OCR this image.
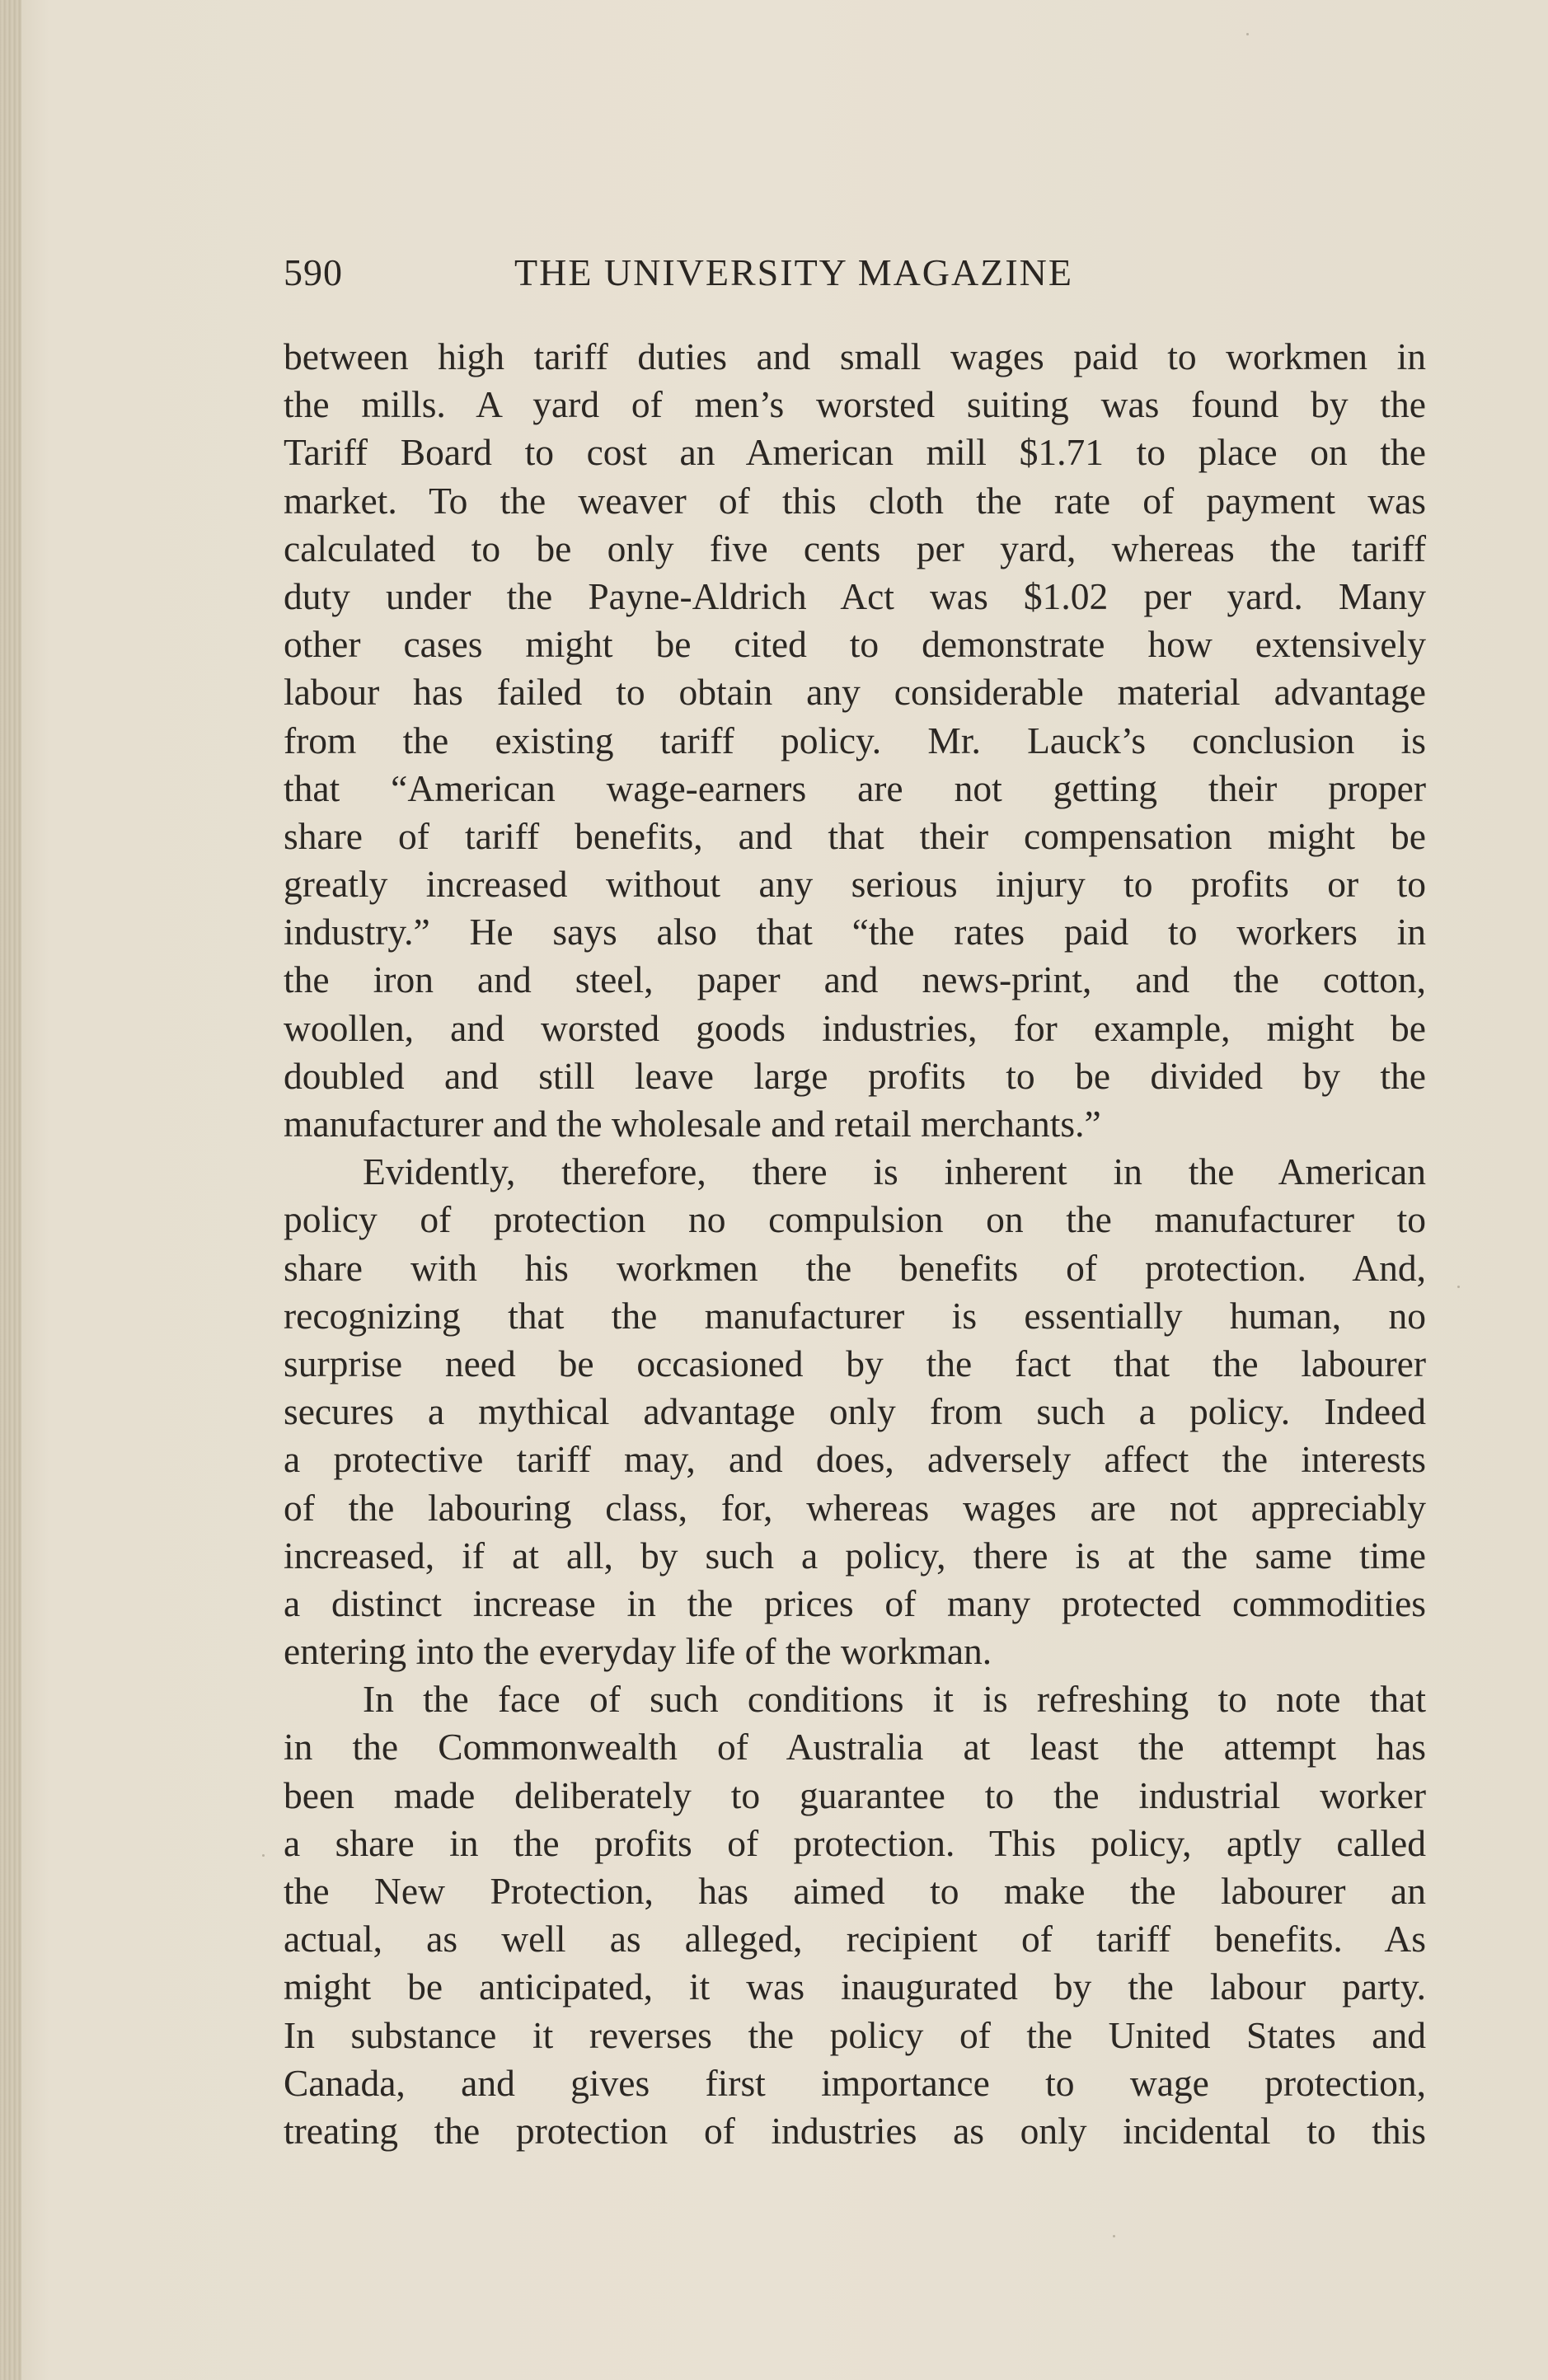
590	THE UNIVERSITY MAGAZINE
between high tariff duties and small wages paid to workmen in
the mills. A yard of men’s worsted suiting was found by the
Tariff Board to cost an American mill $1.71 to place on the
market. To the weaver of this cloth the rate of payment was
calculated to be only five cents per yard, whereas the tariff
duty under the Payne-Aldrich Act was $1.02 per yard. Many
other cases might be cited to demonstrate how extensively
labour has failed to obtain any considerable material advantage
from the existing tariff policy. Mr. Lauck’s conclusion is
that “American wage-earners are not getting their proper
share of tariff benefits, and that their compensation might be
greatly increased without any serious injury to profits or to
industry.” He says also that “the rates paid to workers in
the iron and steel, paper and news-print, and the cotton,
woollen, and worsted goods industries, for example, might be
doubled and still leave large profits to be divided by the
manufacturer and the wholesale and retail merchants.”
Evidently, therefore, there is inherent in the American
policy of protection no compulsion on the manufacturer to
share with his workmen the benefits of protection. And,
recognizing that the manufacturer is essentially human, no
surprise need be occasioned by the fact that the labourer
secures a mythical advantage only from such a policy. Indeed
a protective tariff may, and does, adversely affect the interests
of the labouring class, for, whereas wages are not appreciably
increased, if at all, by such a policy, there is at the same time
a distinct increase in the prices of many protected commodities
entering into the everyday life of the workman.
In the face of such conditions it is refreshing to note that
in the Commonwealth of Australia at least the attempt has
been made deliberately to guarantee to the industrial worker
a share in the profits of protection. This policy, aptly called
the New Protection, has aimed to make the labourer an
actual, as well as alleged, recipient of tariff benefits. As
might be anticipated, it was inaugurated by the labour party.
In substance it reverses the policy of the United States and
Canada, and gives first importance to wage protection,
treating the protection of industries as only incidental to this
